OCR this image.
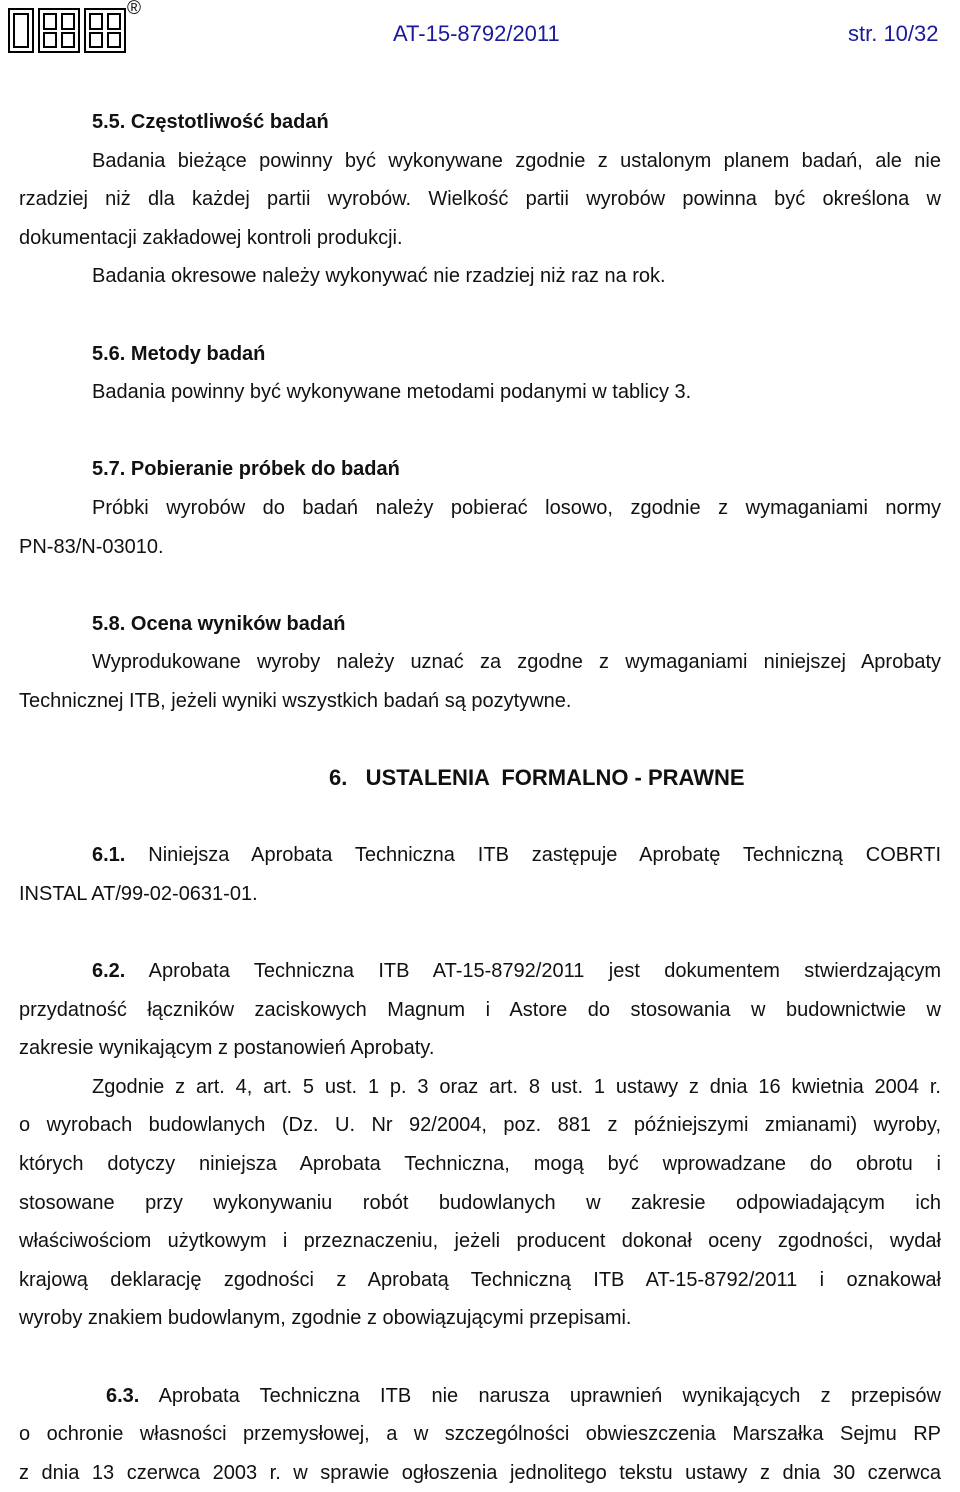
®
AT-15-8792/2011	str. 10/32
5.5. Częstotliwość badań
Badania bieżące powinny być wykonywane zgodnie z ustalonym planem badań, ale nie
rzadziej niż dla każdej partii wyrobów. Wielkość partii wyrobów powinna być określona w
dokumentacji zakładowej kontroli produkcji.
Badania okresowe należy wykonywać nie rzadziej niż raz na rok.
5.6. Metody badań
Badania powinny być wykonywane metodami podanymi w tablicy 3.
5.7. Pobieranie próbek do badań
Próbki wyrobów do badań należy pobierać losowo, zgodnie z wymaganiami normy
PN-83/N-03010.
5.8. Ocena wyników badań
Wyprodukowane wyroby należy uznać za zgodne z wymaganiami niniejszej Aprobaty
Technicznej ITB, jeżeli wyniki wszystkich badań są pozytywne.
6.   USTALENIA  FORMALNO - PRAWNE
6.1. Niniejsza Aprobata Techniczna ITB zastępuje Aprobatę Techniczną COBRTI
INSTAL AT/99-02-0631-01.
6.2. Aprobata Techniczna ITB AT-15-8792/2011 jest dokumentem stwierdzającym
przydatność łączników zaciskowych Magnum i Astore do stosowania w budownictwie w
zakresie wynikającym z postanowień Aprobaty.
Zgodnie z art. 4, art. 5 ust. 1 p. 3 oraz art. 8 ust. 1 ustawy z dnia 16 kwietnia 2004 r.
o wyrobach budowlanych (Dz. U. Nr 92/2004, poz. 881 z późniejszymi zmianami) wyroby,
których dotyczy niniejsza Aprobata Techniczna, mogą być wprowadzane do obrotu i
stosowane przy wykonywaniu robót budowlanych w zakresie odpowiadającym ich
właściwościom użytkowym i przeznaczeniu, jeżeli producent dokonał oceny zgodności, wydał
krajową deklarację zgodności z Aprobatą Techniczną ITB AT-15-8792/2011 i oznakował
wyroby znakiem budowlanym, zgodnie z obowiązującymi przepisami.
6.3. Aprobata Techniczna ITB nie narusza uprawnień wynikających z przepisów
o ochronie własności przemysłowej, a w szczególności obwieszczenia Marszałka Sejmu RP
z dnia 13 czerwca 2003 r. w sprawie ogłoszenia jednolitego tekstu ustawy z dnia 30 czerwca
